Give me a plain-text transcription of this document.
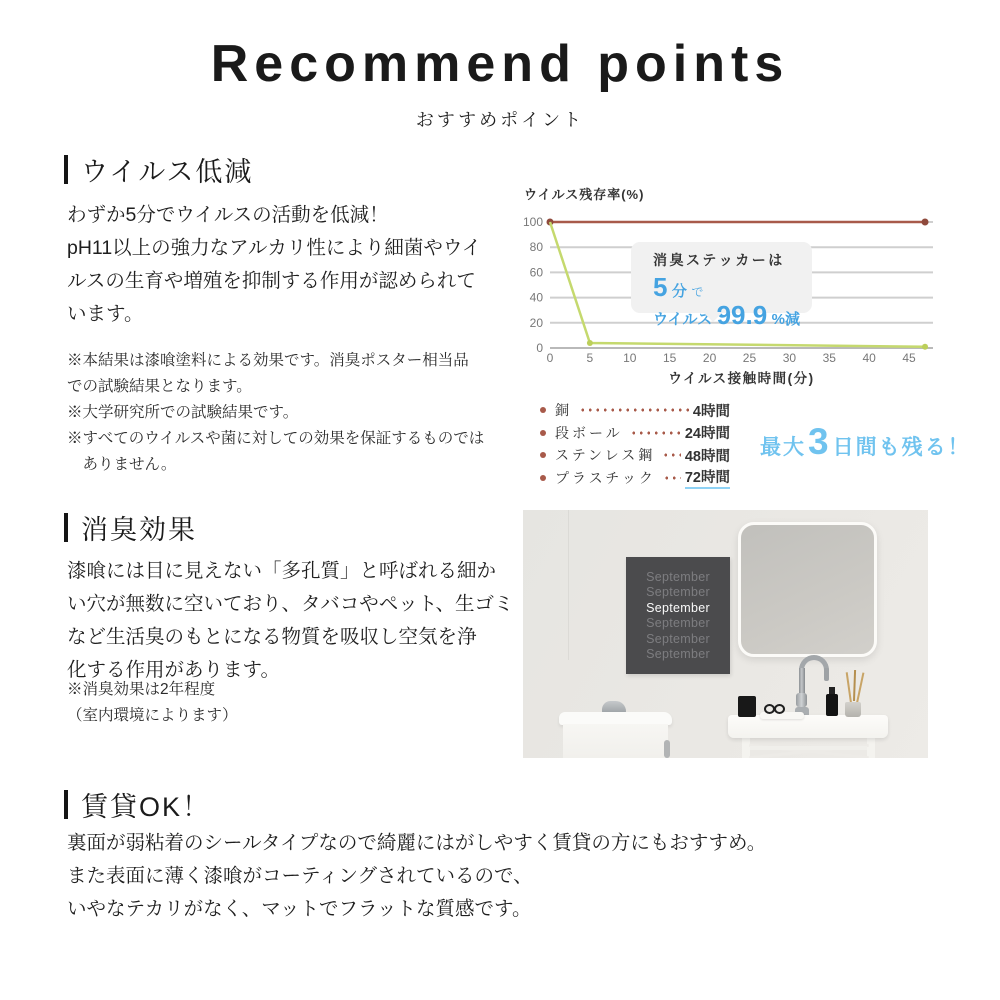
Recommend points
おすすめポイント
ウイルス低減
わずか5分でウイルスの活動を低減！
pH11以上の強力なアルカリ性により細菌やウイ
ルスの生育や増殖を抑制する作用が認められて
います。
※本結果は漆喰塗料による効果です。消臭ポスター相当品
での試験結果となります。
※大学研究所での試験結果です。
※すべてのウイルスや菌に対しての効果を保証するものでは
　ありません。
0
20
40
60
80
100
0	5 10 15 20 25 30 35 40 45
ウイルス残存率(%)
ウイルス接触時間(分)
消臭ステッカーは
5 分 で
ウイルス 99.9 %減
銅	4時間
段ボール	24時間
ステンレス鋼 48時間
プラスチック 72時間
最大 3 日間も残る！
消臭効果
漆喰には目に見えない「多孔質」と呼ばれる細か
い穴が無数に空いており、タバコやペット、生ゴミ
など生活臭のもとになる物質を吸収し空気を浄
化する作用があります。
※消臭効果は2年程度
（室内環境によります）
September
September
September
September
September
September
賃貸OK！
裏面が弱粘着のシールタイプなので綺麗にはがしやすく賃貸の方にもおすすめ。
また表面に薄く漆喰がコーティングされているので、
いやなテカリがなく、マットでフラットな質感です。
